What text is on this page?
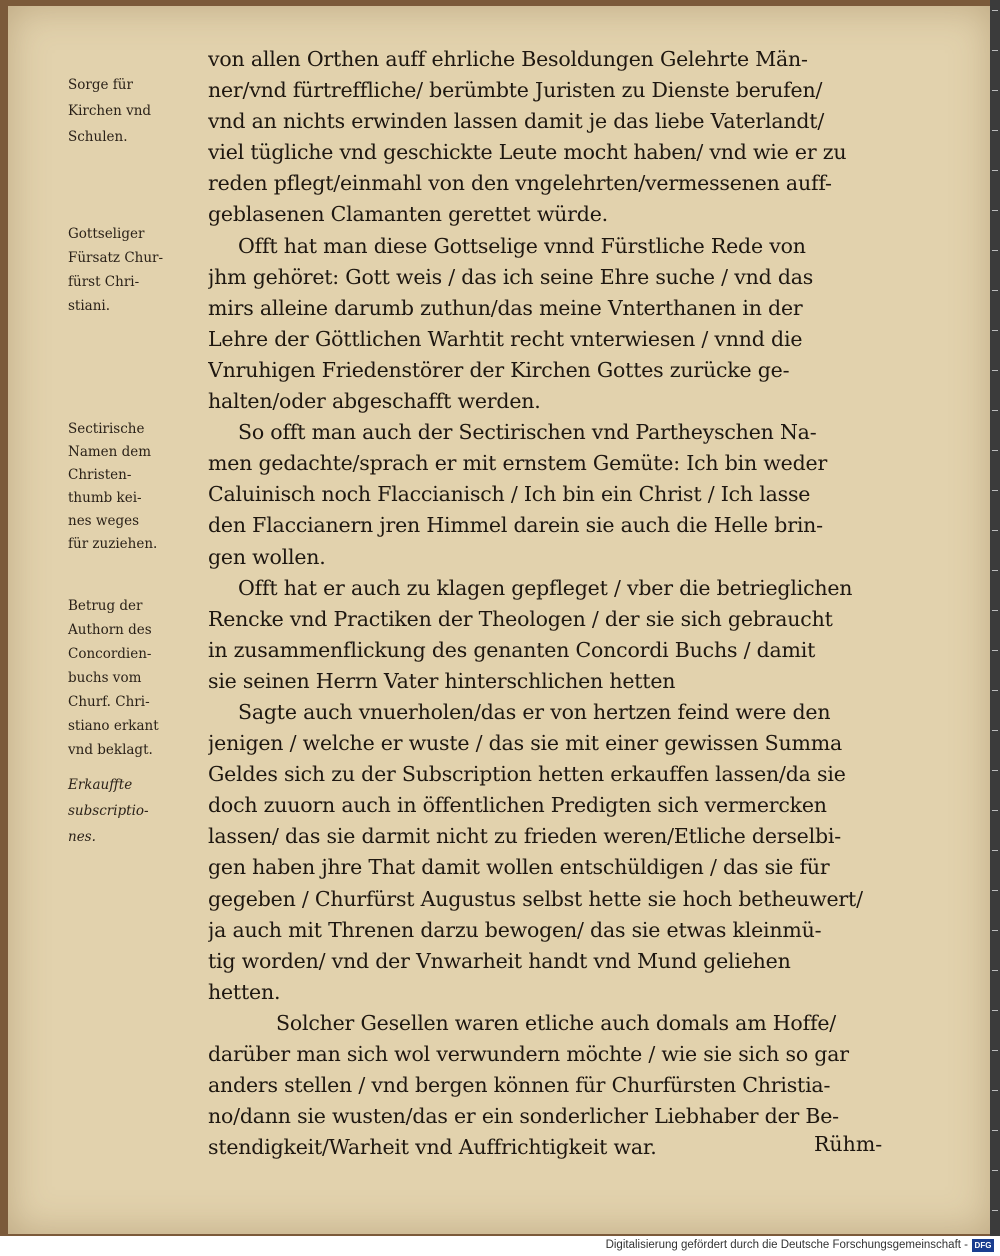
Sorge für
Kirchen vnd
Schulen.
Gottseliger
Fürsatz Chur-
fürst Chri-
stiani.
Sectirische
Namen dem
Christen-
thumb kei-
nes weges
für zuziehen.
Betrug der
Authorn des
Concordien-
buchs vom
Churf. Chri-
stiano erkant
vnd beklagt.
Erkauffte
subscriptio-
nes.
von allen Orthen auff ehrliche Besoldungen Gelehrte Män-
ner/vnd fürtreffliche/ berümbte Juristen zu Dienste berufen/
vnd an nichts erwinden lassen damit je das liebe Vaterlandt/
viel tügliche vnd geschickte Leute mocht haben/ vnd wie er zu
reden pflegt/einmahl von den vngelehrten/vermessenen auff-
geblasenen Clamanten gerettet würde.
Offt hat man diese Gottselige vnnd Fürstliche Rede von
jhm gehöret: Gott weis / das ich seine Ehre suche / vnd das
mirs alleine darumb zuthun/das meine Vnterthanen in der
Lehre der Göttlichen Warhtit recht vnterwiesen / vnnd die
Vnruhigen Friedenstörer der Kirchen Gottes zurücke ge-
halten/oder abgeschafft werden.
So offt man auch der Sectirischen vnd Partheyschen Na-
men gedachte/sprach er mit ernstem Gemüte: Ich bin weder
Caluinisch noch Flaccianisch / Ich bin ein Christ / Ich lasse
den Flaccianern jren Himmel darein sie auch die Helle brin-
gen wollen.
Offt hat er auch zu klagen gepfleget / vber die betrieglichen
Rencke vnd Practiken der Theologen / der sie sich gebraucht
in zusammenflickung des genanten Concordi Buchs / damit
sie seinen Herrn Vater hinterschlichen hetten
Sagte auch vnuerholen/das er von hertzen feind were den
jenigen / welche er wuste / das sie mit einer gewissen Summa
Geldes sich zu der Subscription hetten erkauffen lassen/da sie
doch zuuorn auch in öffentlichen Predigten sich vermercken
lassen/ das sie darmit nicht zu frieden weren/Etliche derselbi-
gen haben jhre That damit wollen entschüldigen / das sie für
gegeben / Churfürst Augustus selbst hette sie hoch betheuwert/
ja auch mit Threnen darzu bewogen/ das sie etwas kleinmü-
tig worden/ vnd der Vnwarheit handt vnd Mund geliehen
hetten.
Solcher Gesellen waren etliche auch domals am Hoffe/
darüber man sich wol verwundern möchte / wie sie sich so gar
anders stellen / vnd bergen können für Churfürsten Christia-
no/dann sie wusten/das er ein sonderlicher Liebhaber der Be-
stendigkeit/Warheit vnd Auffrichtigkeit war.	Rühm-
Digitalisierung gefördert durch die Deutsche Forschungsgemeinschaft - DFG
